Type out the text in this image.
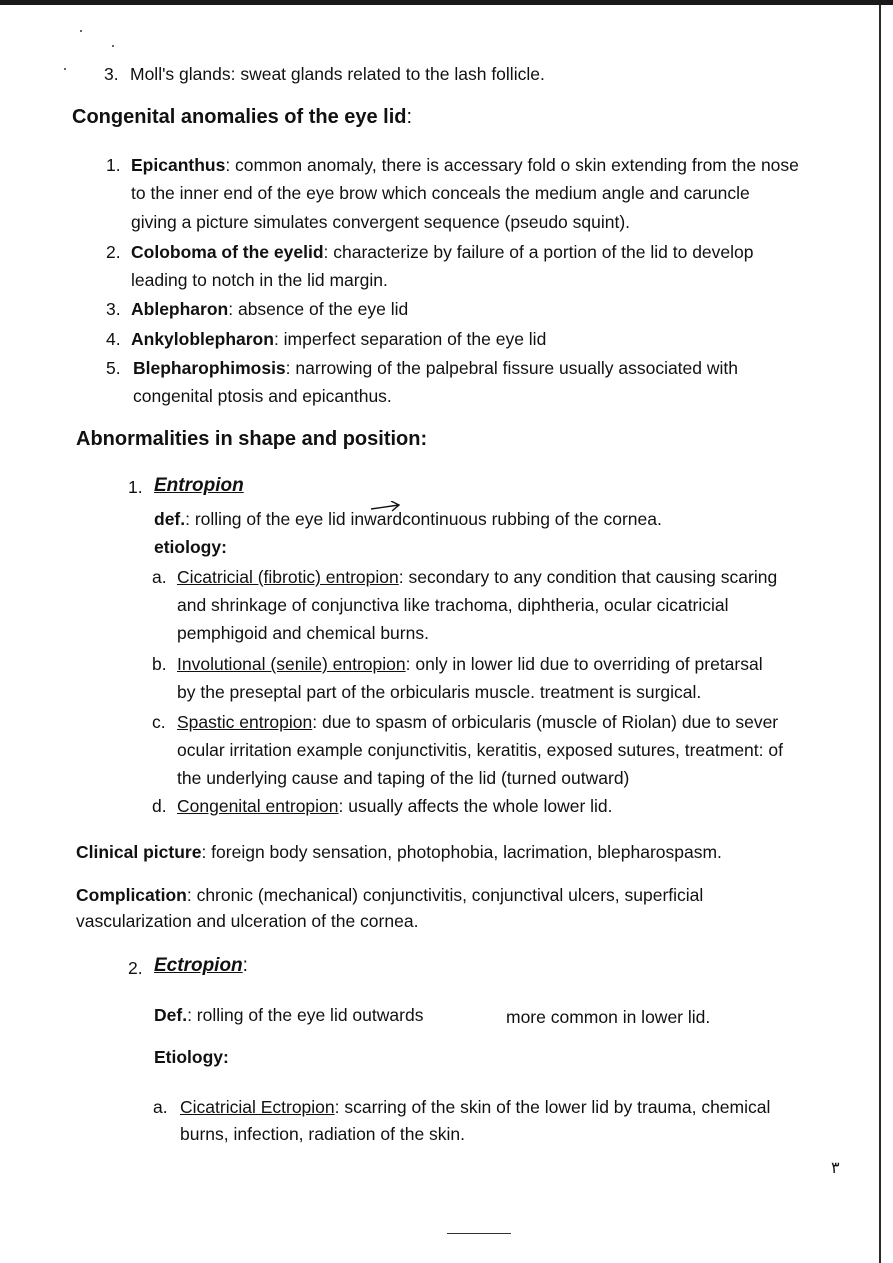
3. Moll's glands: sweat glands related to the lash follicle.
Congenital anomalies of the eye lid:
1. Epicanthus: common anomaly, there is accessary fold o skin extending from the nose
to the inner end of the eye brow which conceals the medium angle and caruncle
giving a picture simulates convergent sequence (pseudo squint).
2. Coloboma of the eyelid: characterize by failure of a portion of the lid to develop
leading to notch in the lid margin.
3. Ablepharon: absence of the eye lid
4. Ankyloblepharon: imperfect separation of the eye lid
5. Blepharophimosis: narrowing of the palpebral fissure usually associated with
congenital ptosis and epicanthus.
Abnormalities in shape and position:
1. Entropion
def.: rolling of the eye lid inward
continuous rubbing of the cornea.
etiology:
a. Cicatricial (fibrotic) entropion: secondary to any condition that causing scaring
and shrinkage of conjunctiva like trachoma, diphtheria, ocular cicatricial
pemphigoid and chemical burns.
b. Involutional (senile) entropion: only in lower lid due to overriding of pretarsal
by the preseptal part of the orbicularis muscle. treatment is surgical.
c. Spastic entropion: due to spasm of orbicularis (muscle of Riolan) due to sever
ocular irritation example conjunctivitis, keratitis, exposed sutures, treatment: of
the underlying cause and taping of the lid (turned outward)
d. Congenital entropion: usually affects the whole lower lid.
Clinical picture: foreign body sensation, photophobia, lacrimation, blepharospasm.
Complication: chronic (mechanical) conjunctivitis, conjunctival ulcers, superficial
vascularization and ulceration of the cornea.
2. Ectropion:
Def.: rolling of the eye lid outwards	more common in lower lid.
Etiology:
a. Cicatricial Ectropion: scarring of the skin of the lower lid by trauma, chemical
burns, infection, radiation of the skin.
٣
